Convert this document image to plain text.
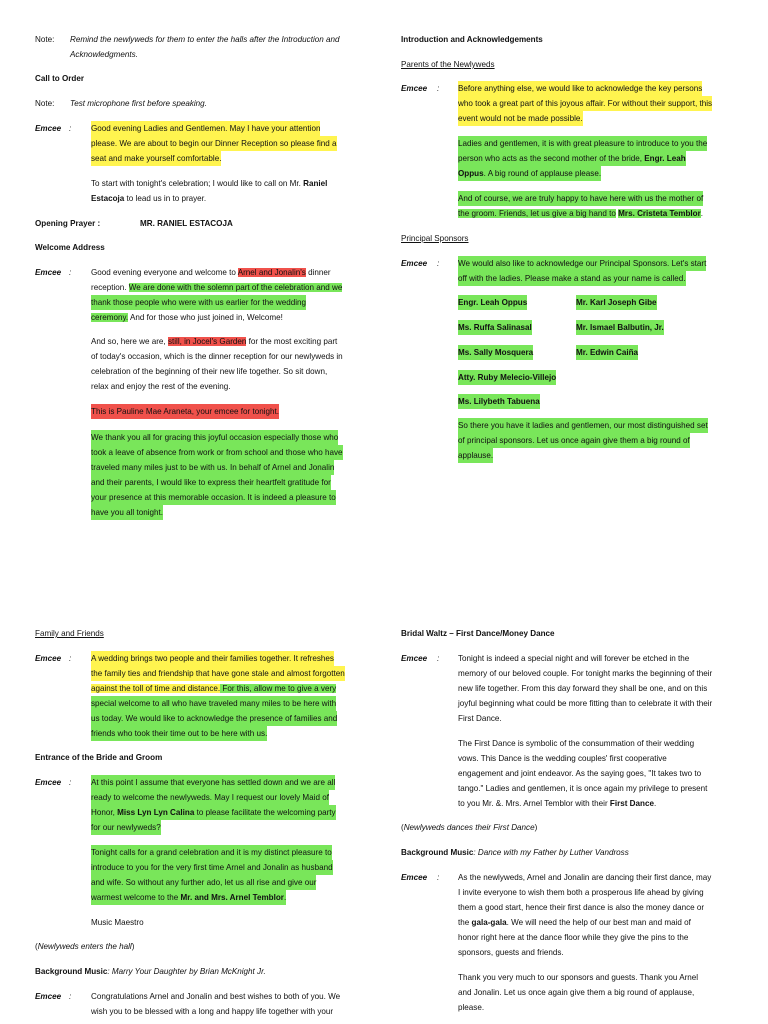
Note: Remind the newlyweds for them to enter the halls after the Introduction and
Acknowledgments.
Call to Order
Note: Test microphone first before speaking.
Emcee : Good evening Ladies and Gentlemen. May I have your attention
please. We are about to begin our Dinner Reception so please find a
seat and make yourself comfortable.
To start with tonight's celebration; I would like to call on Mr. Raniel
Estacoja to lead us in to prayer.
Opening Prayer :	MR. RANIEL ESTACOJA
Welcome Address
Emcee : Good evening everyone and welcome to Arnel and Jonalin's dinner
reception. We are done with the solemn part of the celebration and we
thank those people who were with us earlier for the wedding
ceremony. And for those who just joined in, Welcome!
And so, here we are, still, in Jocel's Garden for the most exciting part
of today's occasion, which is the dinner reception for our newlyweds in
celebration of the beginning of their new life together. So sit down,
relax and enjoy the rest of the evening.
This is Pauline Mae Araneta, your emcee for tonight.
We thank you all for gracing this joyful occasion especially those who
took a leave of absence from work or from school and those who have
traveled many miles just to be with us. In behalf of Arnel and Jonalin
and their parents, I would like to express their heartfelt gratitude for
your presence at this memorable occasion. It is indeed a pleasure to
have you all tonight.
Introduction and Acknowledgements
Parents of the Newlyweds
Emcee : Before anything else, we would like to acknowledge the key persons
who took a great part of this joyous affair. For without their support, this
event would not be made possible.
Ladies and gentlemen, it is with great pleasure to introduce to you the
person who acts as the second mother of the bride, Engr. Leah
Oppus. A big round of applause please.
And of course, we are truly happy to have here with us the mother of
the groom. Friends, let us give a big hand to Mrs. Cristeta Temblor.
Principal Sponsors
Emcee : We would also like to acknowledge our Principal Sponsors. Let's start
off with the ladies. Please make a stand as your name is called.
Engr. Leah Oppus	Mr. Karl Joseph Gibe
Ms. Ruffa Salinasal	Mr. Ismael Balbutin, Jr.
Ms. Sally Mosquera	Mr. Edwin Caiña
Atty. Ruby Melecio-Villejo
Ms. Lilybeth Tabuena
So there you have it ladies and gentlemen, our most distinguished set
of principal sponsors. Let us once again give them a big round of
applause.
Family and Friends
Emcee : A wedding brings two people and their families together. It refreshes
the family ties and friendship that have gone stale and almost forgotten
against the toll of time and distance. For this, allow me to give a very
special welcome to all who have traveled many miles to be here with
us today. We would like to acknowledge the presence of families and
friends who took their time out to be here with us.
Entrance of the Bride and Groom
Emcee : At this point I assume that everyone has settled down and we are all
ready to welcome the newlyweds. May I request our lovely Maid of
Honor, Miss Lyn Lyn Calina to please facilitate the welcoming party
for our newlyweds?
Tonight calls for a grand celebration and it is my distinct pleasure to
introduce to you for the very first time Arnel and Jonalin as husband
and wife. So without any further ado, let us all rise and give our
warmest welcome to the Mr. and Mrs. Arnel Temblor.
Music Maestro
(Newlyweds enters the hall)
Background Music: Marry Your Daughter by Brian McKnight Jr.
Emcee : Congratulations Arnel and Jonalin and best wishes to both of you. We
wish you to be blessed with a long and happy life together with your
Bridal Waltz – First Dance/Money Dance
Emcee : Tonight is indeed a special night and will forever be etched in the
memory of our beloved couple. For tonight marks the beginning of their
new life together. From this day forward they shall be one, and on this
joyful beginning what could be more fitting than to celebrate it with their
First Dance.
The First Dance is symbolic of the consummation of their wedding
vows. This Dance is the wedding couples' first cooperative
engagement and joint endeavor. As the saying goes, "It takes two to
tango." Ladies and gentlemen, it is once again my privilege to present
to you Mr. &. Mrs. Arnel Temblor with their First Dance.
(Newlyweds dances their First Dance)
Background Music: Dance with my Father by Luther Vandross
Emcee : As the newlyweds, Arnel and Jonalin are dancing their first dance, may
I invite everyone to wish them both a prosperous life ahead by giving
them a good start, hence their first dance is also the money dance or
the gala-gala. We will need the help of our best man and maid of
honor right here at the dance floor while they give the pins to the
sponsors, guests and friends.
Thank you very much to our sponsors and guests. Thank you Arnel
and Jonalin. Let us once again give them a big round of applause,
please.
